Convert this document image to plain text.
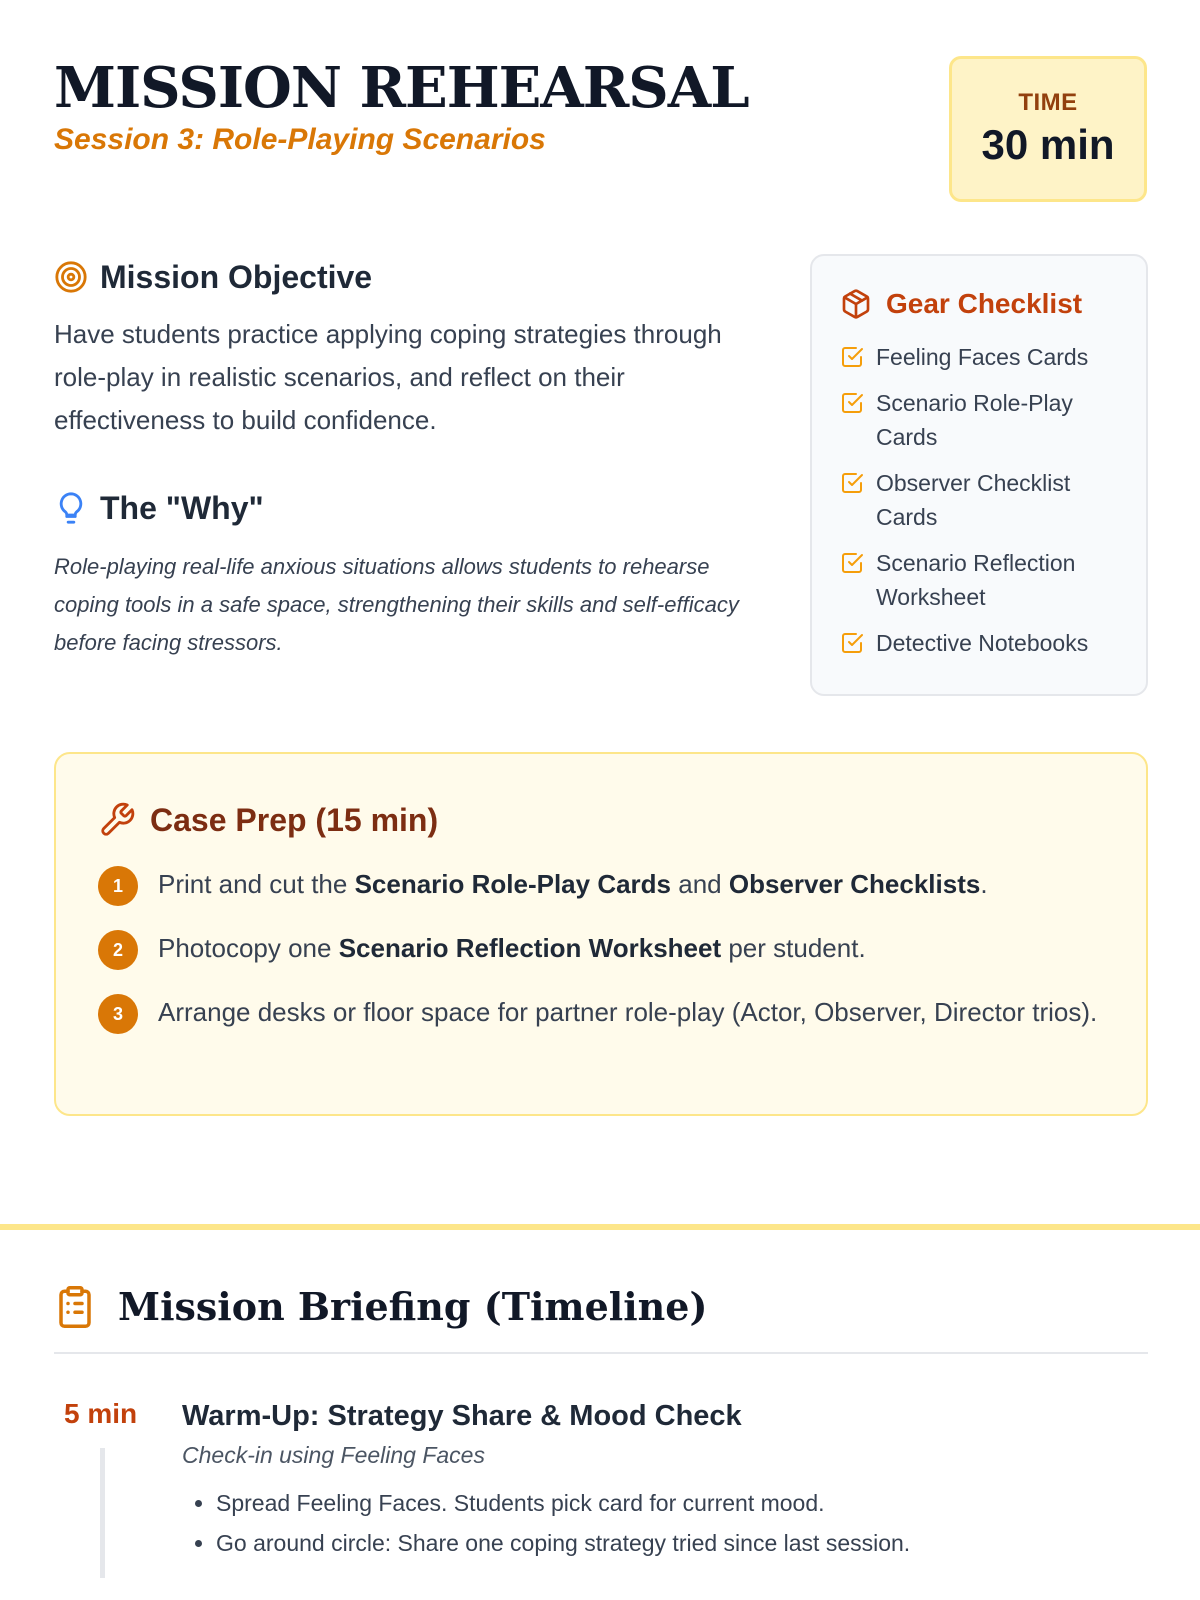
MISSION REHEARSAL
Session 3: Role-Playing Scenarios
TIME
30 min
Mission Objective

Have students practice applying coping strategies through role-play in realistic scenarios, and reflect on their effectiveness to build confidence.

The "Why"

Role-playing real-life anxious situations allows students to rehearse coping tools in a safe space, strengthening their skills and self-efficacy before facing stressors.

Gear Checklist
Feeling Faces Cards
Scenario Role-Play Cards
Observer Checklist Cards
Scenario Reflection Worksheet
Detective Notebooks
Case Prep (15 min)
1	Print and cut the Scenario Role-Play Cards and Observer Checklists.
2	Photocopy one Scenario Reflection Worksheet per student.
3	Arrange desks or floor space for partner role-play (Actor, Observer, Director trios).
Mission Briefing (Timeline)
5 min Warm-Up: Strategy Share & Mood Check
Check-in using Feeling Faces
• Spread Feeling Faces. Students pick card for current mood.
• Go around circle: Share one coping strategy tried since last session.
